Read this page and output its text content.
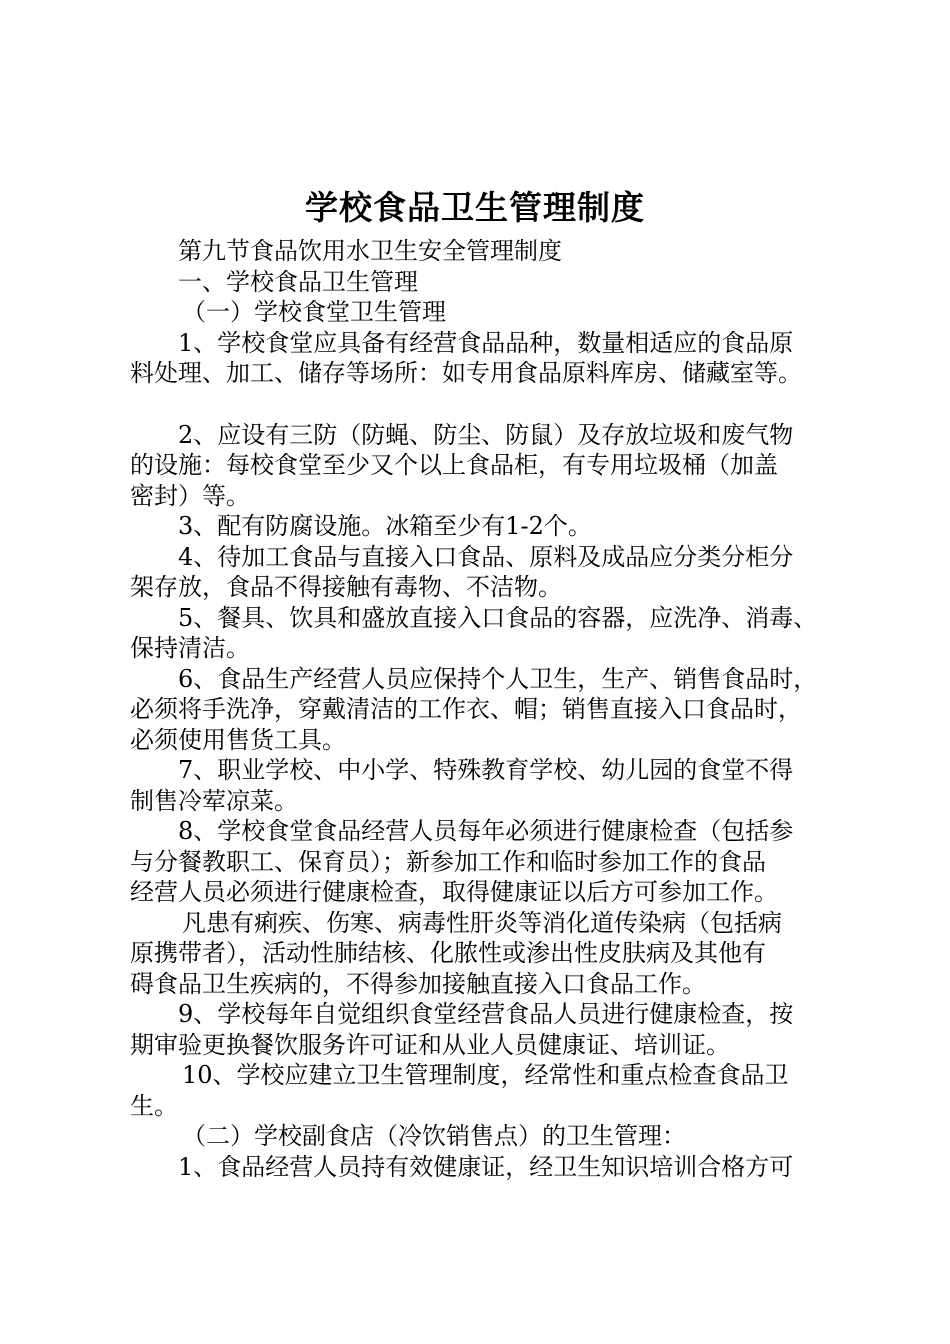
学校食品卫生管理制度

第九节食品饮用水卫生安全管理制度

一、学校食品卫生管理

（一）学校食堂卫生管理

1、学校食堂应具备有经营食品品种，数量相适应的食品原

料处理、加工、储存等场所：如专用食品原料库房、储藏室等。

2、应设有三防（防蝇、防尘、防鼠）及存放垃圾和废气物

的设施：每校食堂至少又个以上食品柜，有专用垃圾桶（加盖
密封）等。

3、配有防腐设施。冰箱至少有1-2个。

4、待加工食品与直接入口食品、原料及成品应分类分柜分

架存放，食品不得接触有毒物、不洁物。

5、餐具、饮具和盛放直接入口食品的容器，应洗净、消毒、

保持清洁。

6、食品生产经营人员应保持个人卫生，生产、销售食品时，

必须将手洗净，穿戴清洁的工作衣、帽；销售直接入口食品时，
必须使用售货工具。

7、职业学校、中小学、特殊教育学校、幼儿园的食堂不得

制售冷荤凉菜。

8、学校食堂食品经营人员每年必须进行健康检查（包括参

与分餐教职工、保育员）；新参加工作和临时参加工作的食品
经营人员必须进行健康检查，取得健康证以后方可参加工作。

凡患有痢疾、伤寒、病毒性肝炎等消化道传染病（包括病

原携带者），活动性肺结核、化脓性或渗出性皮肤病及其他有
碍食品卫生疾病的，不得参加接触直接入口食品工作。

9、学校每年自觉组织食堂经营食品人员进行健康检查，按

期审验更换餐饮服务许可证和从业人员健康证、培训证。

10、学校应建立卫生管理制度，经常性和重点检查食品卫

生。

（二）学校副食店（冷饮销售点）的卫生管理：

1、食品经营人员持有效健康证，经卫生知识培训合格方可
